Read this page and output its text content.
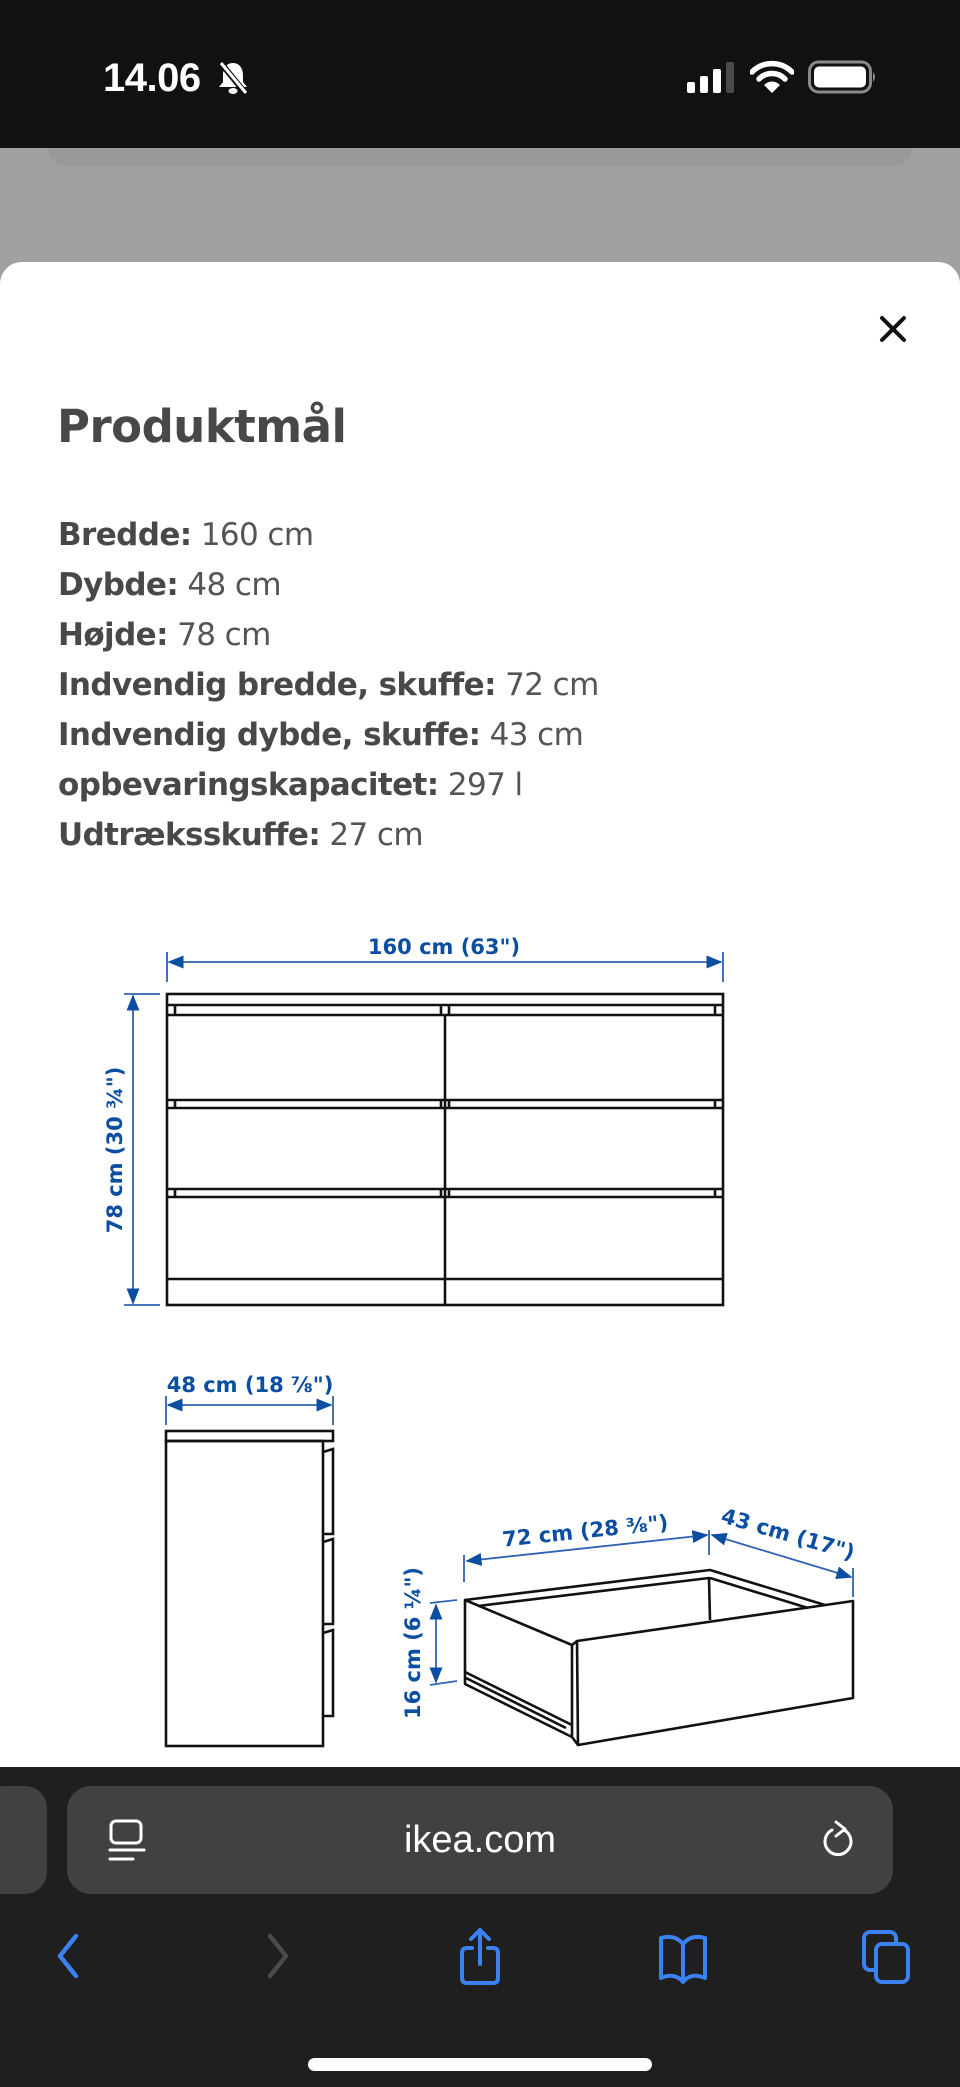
14.06
Produktmål
Bredde: 160 cm
Dybde: 48 cm
Højde: 78 cm
Indvendig bredde, skuffe: 72 cm
Indvendig dybde, skuffe: 43 cm
opbevaringskapacitet: 297 l
Udtræksskuffe: 27 cm
160 cm (63")
78 cm (30 ¾")
48 cm (18 ⅞")
72 cm (28 ⅜") 43 cm (17")
16 cm (6 ¼")
ikea.com
